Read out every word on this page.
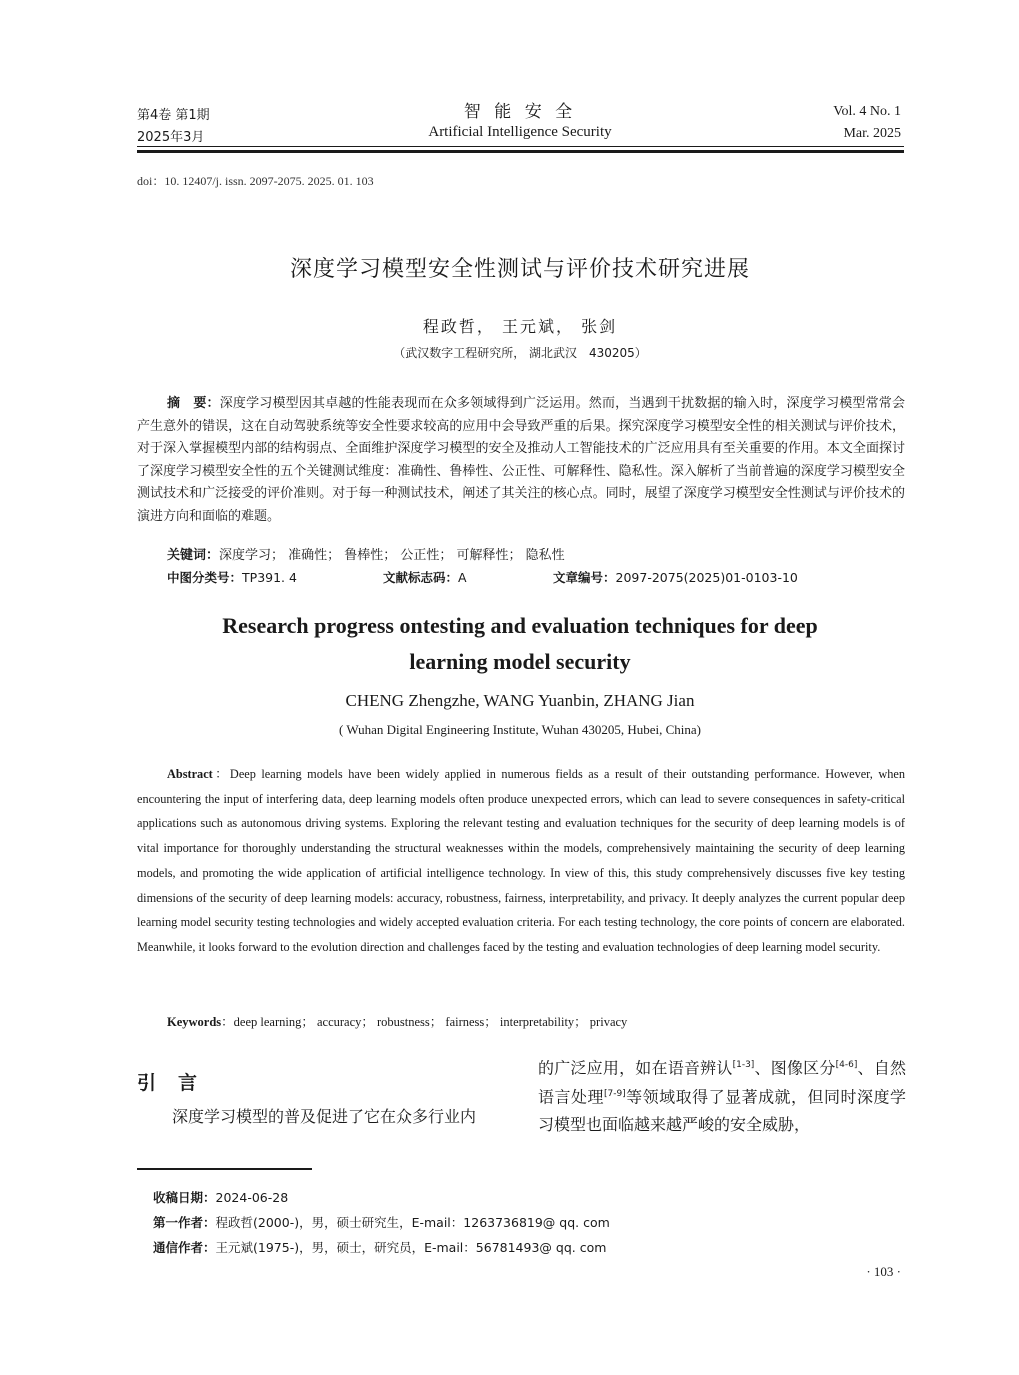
第4卷 第1期
2025年3月
智 能 安 全
Artificial Intelligence Security
Vol. 4 No. 1
Mar. 2025
doi：10. 12407/j. issn. 2097-2075. 2025. 01. 103
深度学习模型安全性测试与评价技术研究进展
程政哲， 王元斌， 张剑
（武汉数字工程研究所， 湖北武汉　430205）
摘　要：深度学习模型因其卓越的性能表现而在众多领域得到广泛运用。然而，当遇到干扰数据的输入时，深度学习模型常常会产生意外的错误，这在自动驾驶系统等安全性要求较高的应用中会导致严重的后果。探究深度学习模型安全性的相关测试与评价技术，对于深入掌握模型内部的结构弱点、全面维护深度学习模型的安全及推动人工智能技术的广泛应用具有至关重要的作用。本文全面探讨了深度学习模型安全性的五个关键测试维度：准确性、鲁棒性、公正性、可解释性、隐私性。深入解析了当前普遍的深度学习模型安全测试技术和广泛接受的评价准则。对于每一种测试技术，阐述了其关注的核心点。同时，展望了深度学习模型安全性测试与评价技术的演进方向和面临的难题。
关键词：深度学习； 准确性； 鲁棒性； 公正性； 可解释性； 隐私性
中图分类号：TP391. 4	文献标志码：A	文章编号：2097-2075(2025)01-0103-10
Research progress ontesting and evaluation techniques for deep learning model security
CHENG Zhengzhe, WANG Yuanbin, ZHANG Jian
( Wuhan Digital Engineering Institute, Wuhan 430205, Hubei, China)
Abstract：Deep learning models have been widely applied in numerous fields as a result of their outstanding performance. However, when encountering the input of interfering data, deep learning models often produce unexpected errors, which can lead to severe consequences in safety-critical applications such as autonomous driving systems. Exploring the relevant testing and evaluation techniques for the security of deep learning models is of vital importance for thoroughly understanding the structural weaknesses within the models, comprehensively maintaining the security of deep learning models, and promoting the wide application of artificial intelligence technology. In view of this, this study comprehensively discusses five key testing dimensions of the security of deep learning models: accuracy, robustness, fairness, interpretability, and privacy. It deeply analyzes the current popular deep learning model security testing technologies and widely accepted evaluation criteria. For each testing technology, the core points of concern are elaborated. Meanwhile, it looks forward to the evolution direction and challenges faced by the testing and evaluation technologies of deep learning model security.
Keywords：deep learning； accuracy； robustness； fairness； interpretability； privacy
引言
深度学习模型的普及促进了它在众多行业内
的广泛应用，如在语音辨认[1-3]、图像区分[4-6]、自然语言处理[7-9]等领域取得了显著成就，但同时深度学习模型也面临越来越严峻的安全威胁，
收稿日期：2024-06-28
第一作者：程政哲(2000-)，男，硕士研究生，E-mail：1263736819@ qq. com
通信作者：王元斌(1975-)，男，硕士，研究员，E-mail：56781493@ qq. com
· 103 ·
